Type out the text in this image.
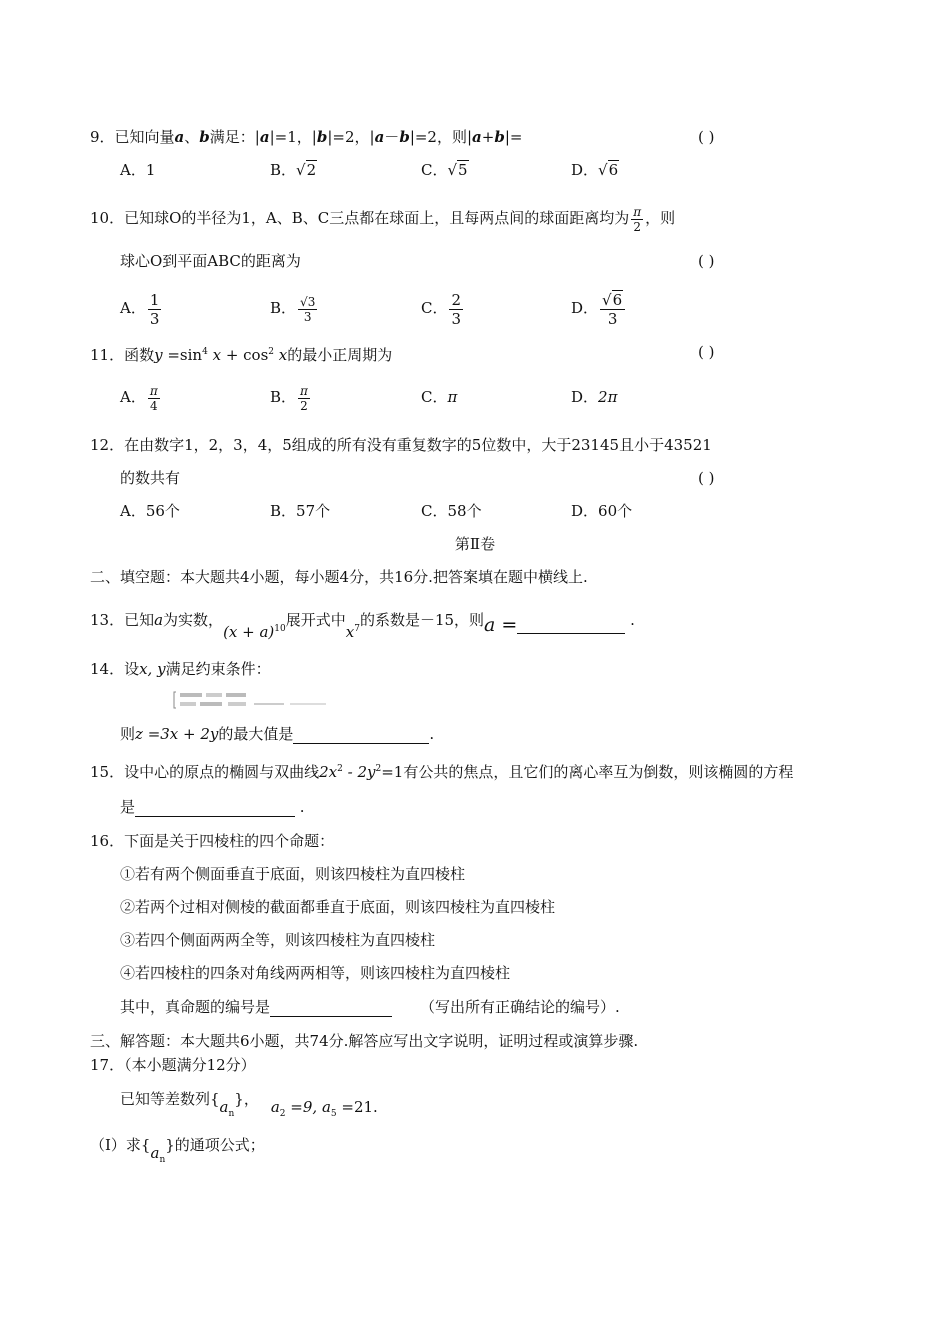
9．已知向量a、b满足：|a|=1，|b|=2，|a－b|=2，则|a+b|=	( )
A．1	B．√2	C．√5	D．√6
10．已知球O的半径为1，A、B、C三点都在球面上，且每两点间的球面距离均为 $\frac{\pi}{2}$ ，则
球心O到平面ABC的距离为	( )
A． $\frac{1}{3}$	B． $\frac{√3}{3}$	C． $\frac{2}{3}$	D． $\frac{√6}{3}$
11．函数$y =\sin^4$ $x + \cos^2 x$的最小正周期为	( )
A． $\frac{\pi}{4}$	B． $\frac{\pi}{2}$	C．π	D．2π
12．在由数字1，2，3，4，5组成的所有没有重复数字的5位数中，大于23145且小于43521
的数共有	( )
A．56个	B．57个	C．58个	D．60个
第Ⅱ卷
二、填空题：本大题共4小题，每小题4分，共16分.把答案填在题中横线上.
13．已知a为实数，$(x + a)^{10}$展开式中$x^7$的系数是－15，则a =	.
14．设x, y满足约束条件：
则z =3x + 2y的最大值是	.
15．设中心的原点的椭圆与双曲线$2x^2 - 2y^2=1$有公共的焦点，且它们的离心率互为倒数，则该椭圆的方程
是	.
16．下面是关于四棱柱的四个命题：
①若有两个侧面垂直于底面，则该四棱柱为直四棱柱
②若两个过相对侧棱的截面都垂直于底面，则该四棱柱为直四棱柱
③若四个侧面两两全等，则该四棱柱为直四棱柱
④若四棱柱的四条对角线两两相等，则该四棱柱为直四棱柱
其中，真命题的编号是	（写出所有正确结论的编号）.
三、解答题：本大题共6小题，共74分.解答应写出文字说明，证明过程或演算步骤.
17．（本小题满分12分）
已知等差数列$\{a_n\}$， $a_2 =9$, $a_5 =21$.
（Ⅰ）求$\{a_n\}$的通项公式；
